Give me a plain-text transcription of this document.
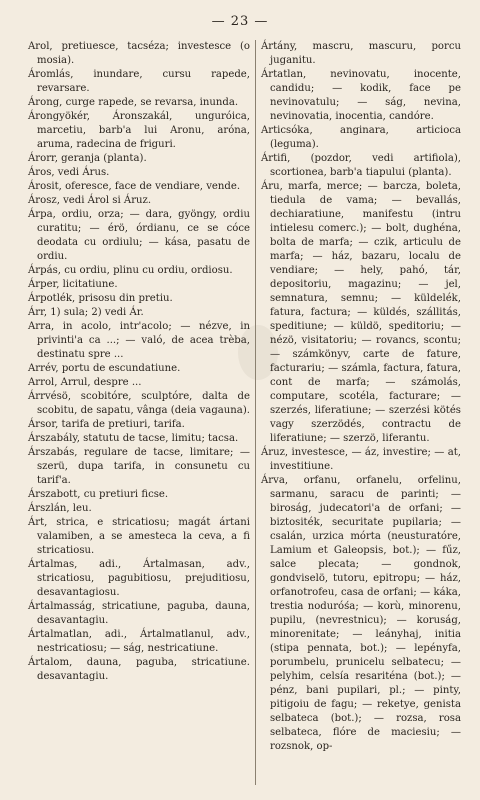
— 23 —

Arol, pretiuesce, tacséza; investesce (o mosia).

Áromlás, inundare, cursu rapede, revarsare.

Árong, curge rapede, se revarsa, inunda.

Árongyökér, Áronszakál, unguróica, marcetiu, barb'a lui Aronu, aróna, aruma, radecina de friguri.

Árorr, geranja (planta).

Áros, vedi Árus.

Árosit, oferesce, face de vendiare, vende.

Árosz, vedi Árol si Áruz.

Árpa, ordiu, orza; — dara, gyöngy, ordiu curatitu; — érö, órdianu, ce se cóce deodata cu ordiulu; — kása, pasatu de ordiu.

Árpás, cu ordiu, plinu cu ordiu, ordiosu.

Árper, licitatiune.

Árpotlék, prisosu din pretiu.

Árr, 1) sula; 2) vedi Ár.

Arra, in acolo, intr'acolo; — nézve, in privinti'a ca ...; — való, de acea trèba, destinatu spre ...

Arrév, portu de escundatiune.

Arrol, Arrul, despre ...

Árrvésö, scobitóre, sculptóre, dalta de scobitu, de sapatu, vânga (deia vagauna).

Ársor, tarifa de pretiuri, tarifa.

Árszabály, statutu de tacse, limitu; tacsa.

Árszabás, regulare de tacse, limitare; — szerü, dupa tarifa, in consunetu cu tarif'a.

Árszabott, cu pretiuri ficse.

Árszlán, leu.

Árt, strica, e stricatiosu; magát ártani valamiben, a se amesteca la ceva, a fi stricatiosu.

Ártalmas, adi., Ártalmasan, adv., stricatiosu, pagubitiosu, prejuditiosu, desavantagiosu.

Ártalmasság, stricatiune, paguba, dauna, desavantagiu.

Ártalmatlan, adi., Ártalmatlanul, adv., nestricatiosu; — ság, nestricatiune.

Ártalom, dauna, paguba, stricatiune. desavantagiu.

Ártány, mascru, mascuru, porcu juganitu.

Ártatlan, nevinovatu, inocente, candidu; — kodik, face pe nevinovatulu; — ság, nevina, nevinovatia, inocentia, candóre.

Articsóka, anginara, articioca (leguma).

Ártifi, (pozdor, vedi artifiola), scortionea, barb'a tiapului (planta).

Áru, marfa, merce; — barcza, boleta, tiedula de vama; — bevallás, dechiaratiune, manifestu (intru intielesu comerc.); — bolt, dughéna, bolta de marfa; — czik, articulu de marfa; — ház, bazaru, localu de vendiare; — hely, pahó, tár, depositoriu, magazinu; — jel, semnatura, semnu; — küldelék, fatura, factura; — küldés, szállitás, speditiune; — küldö, speditoriu; — nézö, visitatoriu; — rovancs, scontu; — számkönyv, carte de fature, facturariu; — számla, factura, fatura, cont de marfa; — számolás, computare, scotéla, facturare; — szerzés, liferatiune; — szerzési kötés vagy szerzödés, contractu de liferatiune; — szerzö, liferantu.

Áruz, investesce, — áz, investire; — at, investitiune.

Árva, orfanu, orfanelu, orfelinu, sarmanu, saracu de parinti; — biroság, judecatori'a de orfani; — biztositék, securitate pupilaria; — csalán, urzica mórta (neusturatóre, Lamium et Galeopsis, bot.); — fűz, salce plecata; — gondnok, gondviselö, tutoru, epitropu; — ház, orfanotrofeu, casa de orfani; — káka, trestia noduróśa; — korù, minorenu, pupilu, (nevrestnicu); — koruság, minorenitate; — leányhaj, initia (stipa pennata, bot.); — lepényfa, porumbelu, prunicelu selbatecu; — pelyhim, celsía resariténa (bot.); — pénz, bani pupilari, pl.; — pinty, pitigoiu de fagu; — reketye, genista selbateca (bot.); — rozsa, rosa selbateca, flóre de maciesiu; — rozsnok, op-
